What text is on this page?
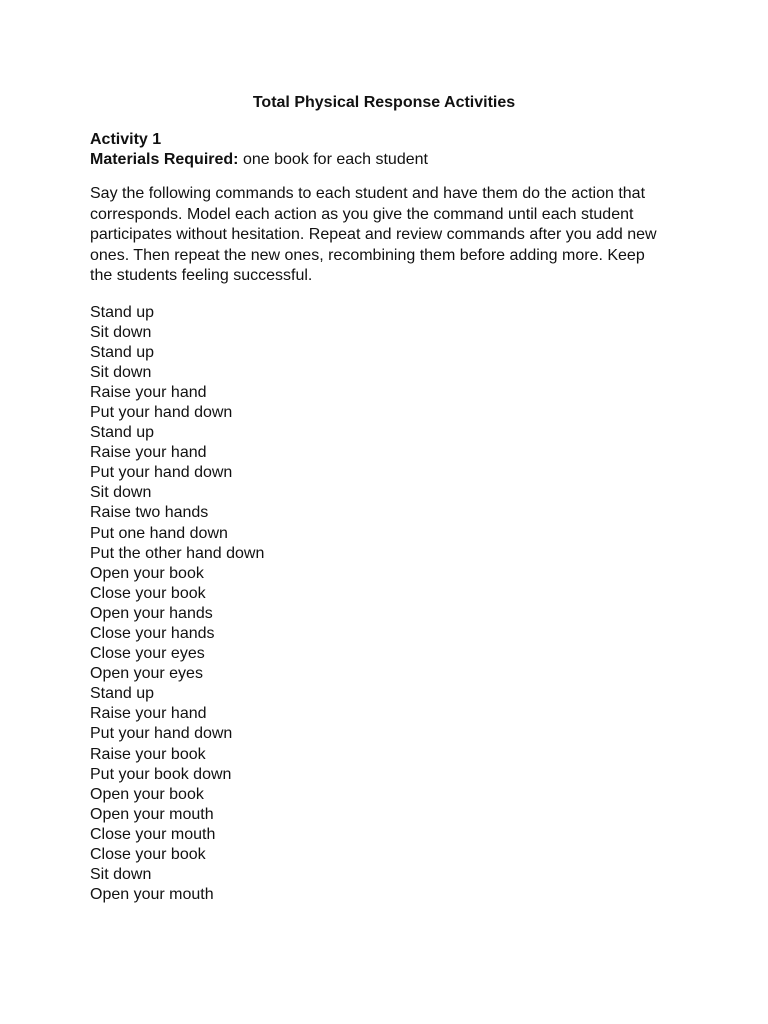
Total Physical Response Activities

Activity 1

Materials Required: one book for each student

Say the following commands to each student and have them do the action that corresponds. Model each action as you give the command until each student participates without hesitation. Repeat and review commands after you add new ones. Then repeat the new ones, recombining them before adding more. Keep the students feeling successful.

Stand up
Sit down
Stand up
Sit down
Raise your hand
Put your hand down
Stand up
Raise your hand
Put your hand down
Sit down
Raise two hands
Put one hand down
Put the other hand down
Open your book
Close your book
Open your hands
Close your hands
Close your eyes
Open your eyes
Stand up
Raise your hand
Put your hand down
Raise your book
Put your book down
Open your book
Open your mouth
Close your mouth
Close your book
Sit down
Open your mouth
